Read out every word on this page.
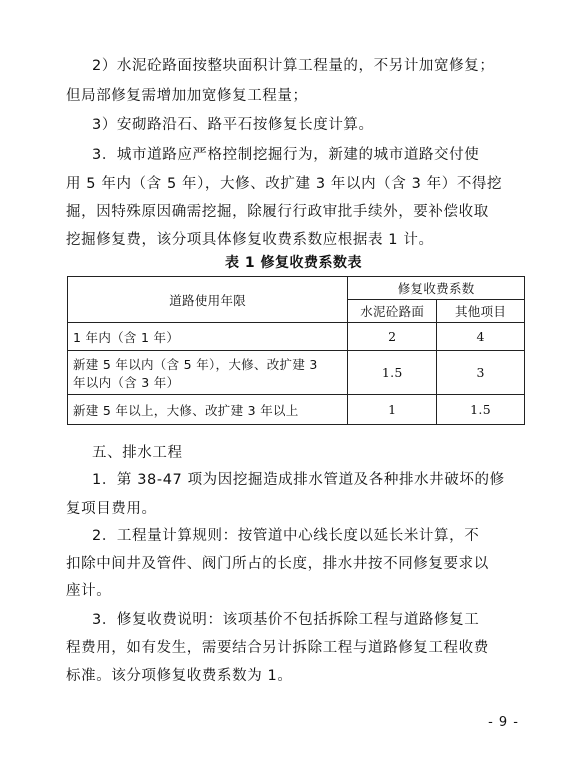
2）水泥砼路面按整块面积计算工程量的，不另计加宽修复；
但局部修复需增加加宽修复工程量；
3）安砌路沿石、路平石按修复长度计算。
3．城市道路应严格控制挖掘行为，新建的城市道路交付使
用 5 年内（含 5 年），大修、改扩建 3 年以内（含 3 年）不得挖
掘，因特殊原因确需挖掘，除履行行政审批手续外，要补偿收取
挖掘修复费，该分项具体修复收费系数应根据表 1 计。
表 1 修复收费系数表
道路使用年限	修复收费系数	
	水泥砼路面	其他项目
1 年内（含 1 年）	2	4

新建 5 年以内（含 5 年），大修、改扩建 3
年以内（含 3 年）	1.5	3
新建 5 年以上，大修、改扩建 3 年以上	1	1.5
五、排水工程
1．第 38-47 项为因挖掘造成排水管道及各种排水井破坏的修
复项目费用。
2．工程量计算规则：按管道中心线长度以延长米计算，不
扣除中间井及管件、阀门所占的长度，排水井按不同修复要求以
座计。
3．修复收费说明：该项基价不包括拆除工程与道路修复工
程费用，如有发生，需要结合另计拆除工程与道路修复工程收费
标准。该分项修复收费系数为 1。
- 9 -
